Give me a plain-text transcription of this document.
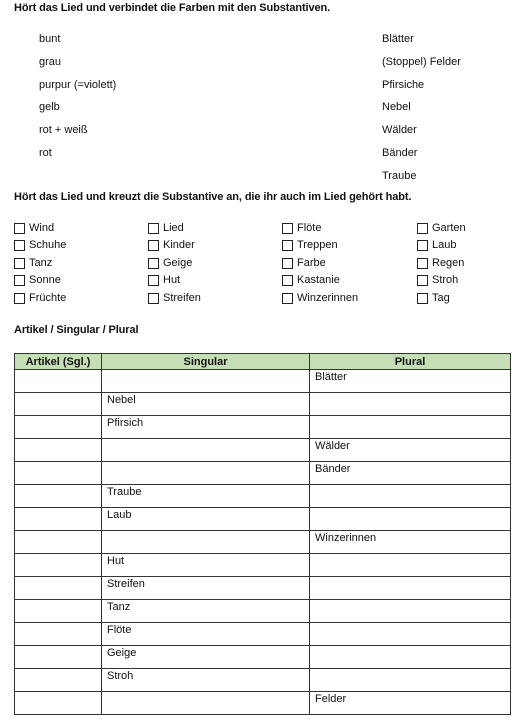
Hört das Lied und verbindet die Farben mit den Substantiven.
bunt
grau
purpur (=violett)
gelb
rot + weiß
rot
Blätter
(Stoppel) Felder
Pfirsiche
Nebel
Wälder
Bänder
Traube
Hört das Lied und kreuzt die Substantive an, die ihr auch im Lied gehört habt.
Wind
Schuhe
Tanz
Sonne
Früchte
Lied
Kinder
Geige
Hut
Streifen
Flöte
Treppen
Farbe
Kastanie
Winzerinnen
Garten
Laub
Regen
Stroh
Tag
Artikel / Singular / Plural
Artikel (Sgl.)	Singular	Plural
		Blätter
	Nebel	
	Pfirsich	
		Wälder
		Bänder
	Traube	
	Laub	
		Winzerinnen
	Hut	
	Streifen	
	Tanz	
	Flöte	
	Geige	
	Stroh	
		Felder
